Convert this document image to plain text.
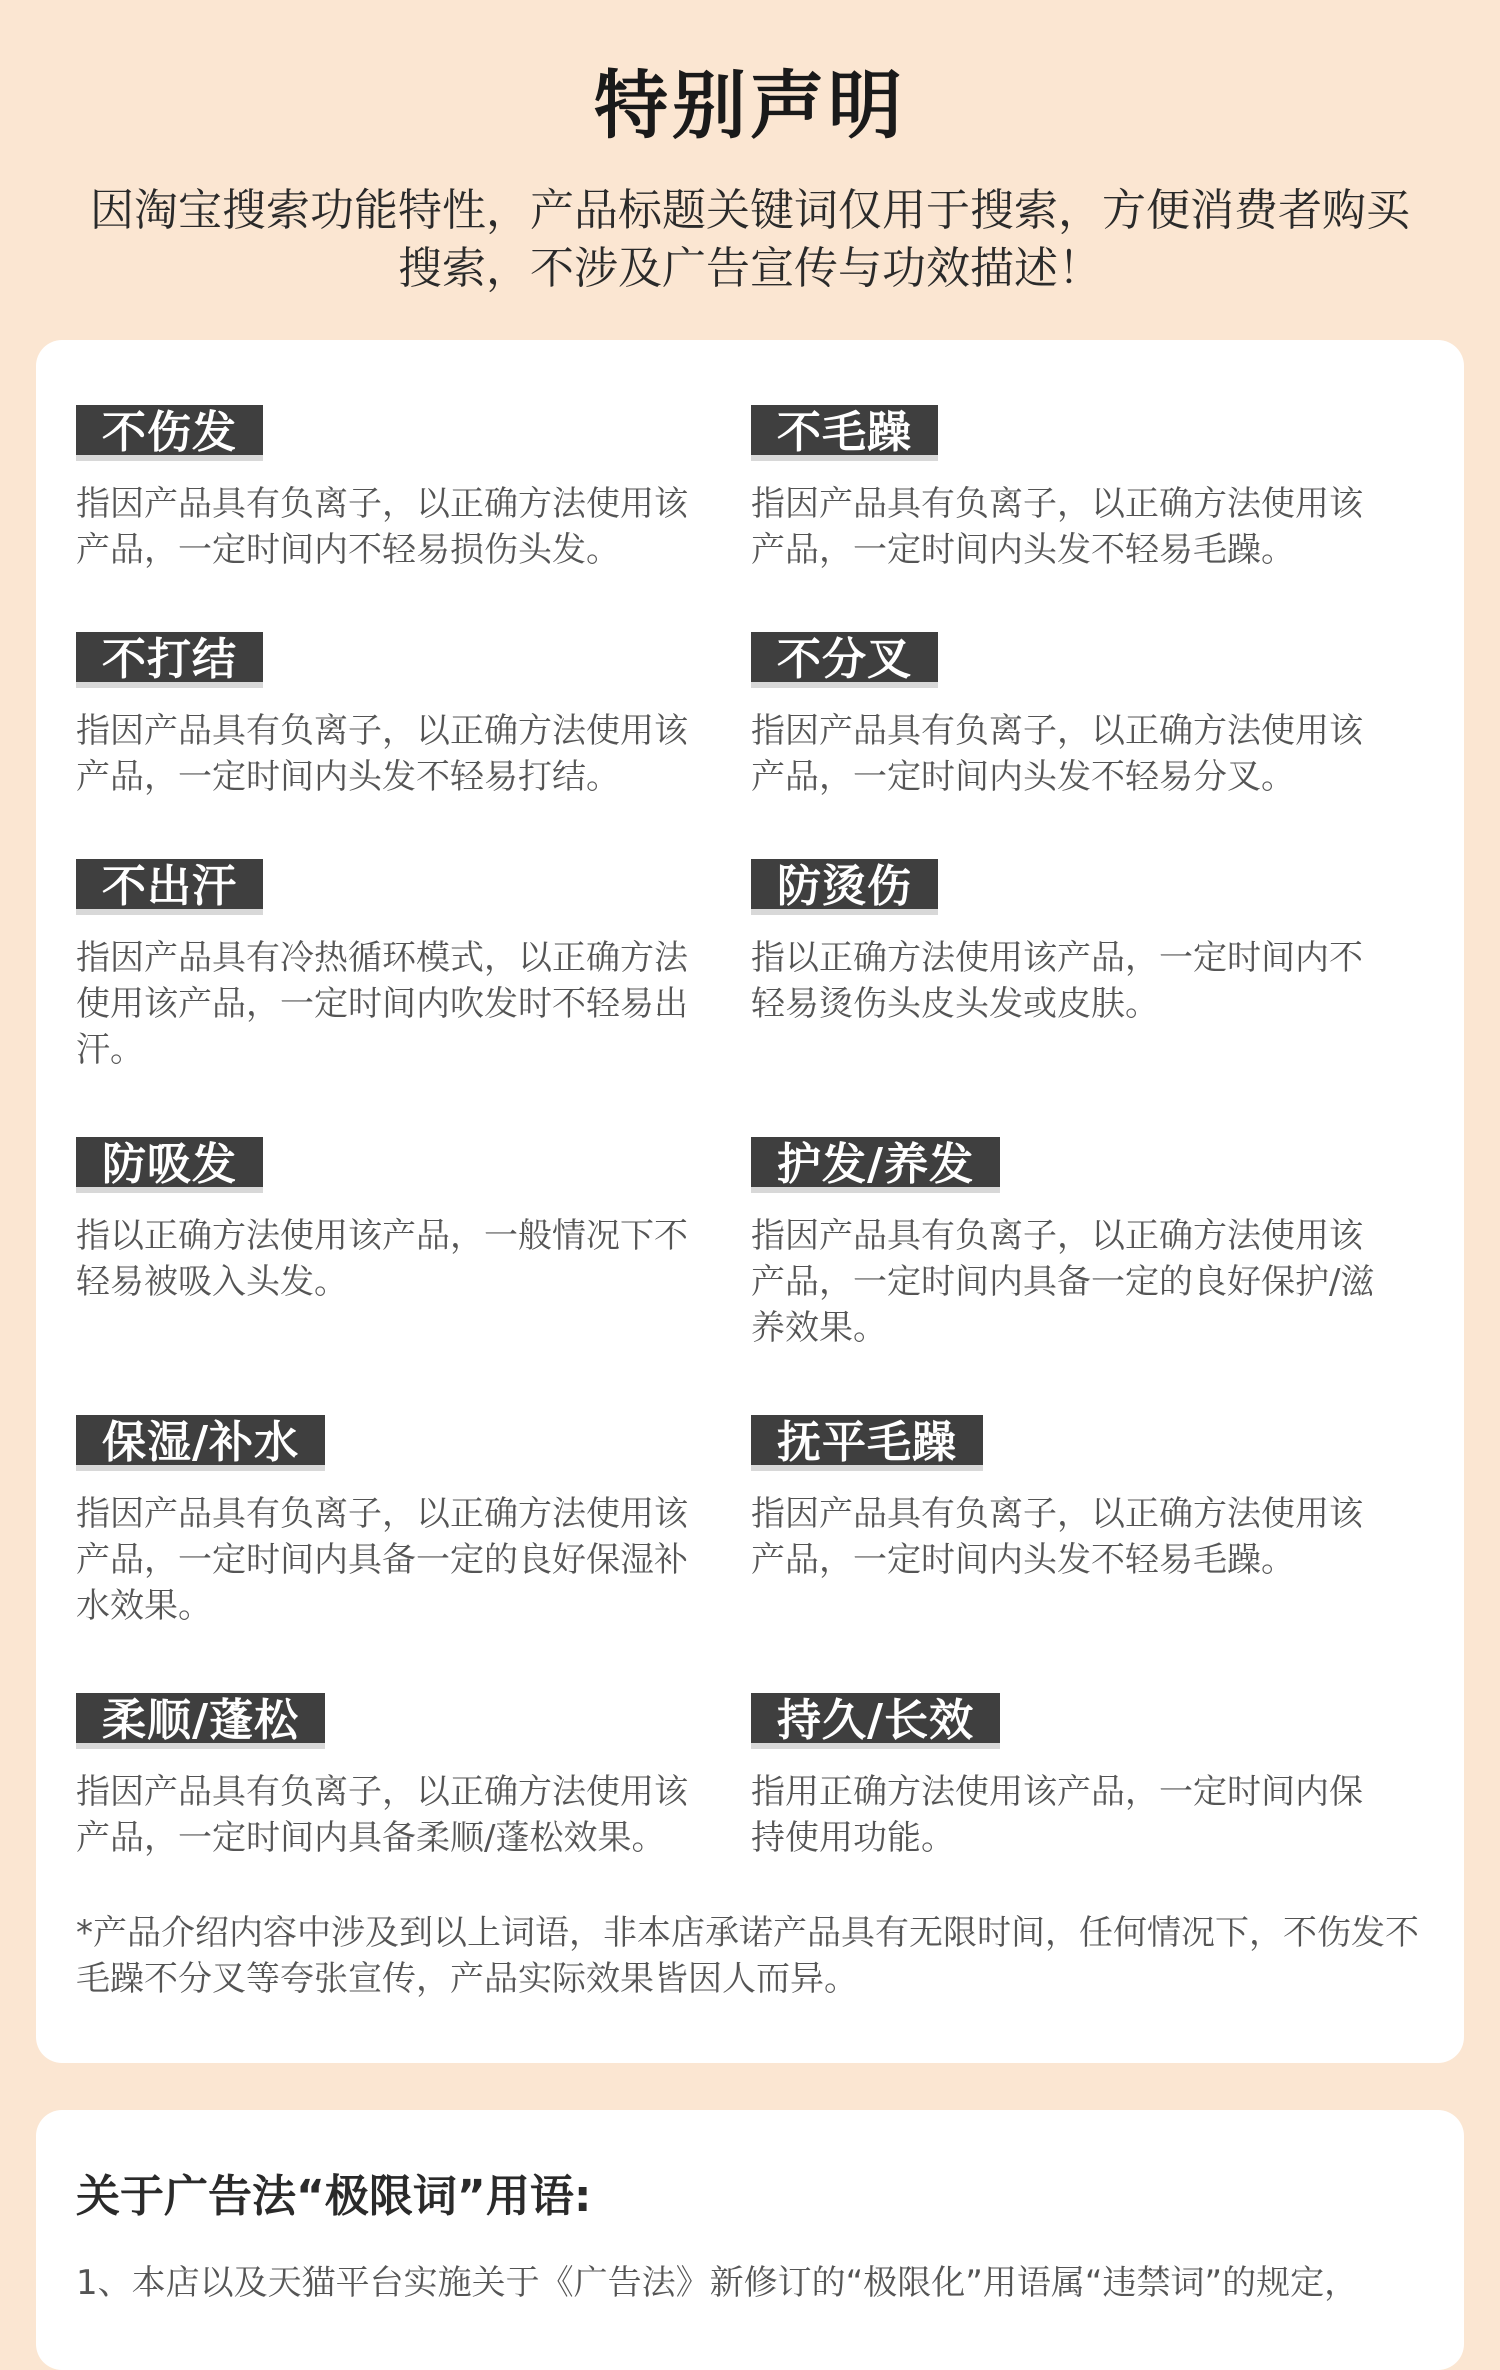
特别声明
因淘宝搜索功能特性，产品标题关键词仅用于搜索，方便消费者购买搜索，不涉及广告宣传与功效描述！
不伤发
指因产品具有负离子，以正确方法使用该产品，一定时间内不轻易损伤头发。
不毛躁
指因产品具有负离子，以正确方法使用该产品，一定时间内头发不轻易毛躁。
不打结
指因产品具有负离子，以正确方法使用该产品，一定时间内头发不轻易打结。
不分叉
指因产品具有负离子，以正确方法使用该产品，一定时间内头发不轻易分叉。
不出汗
指因产品具有冷热循环模式，以正确方法使用该产品，一定时间内吹发时不轻易出汗。
防烫伤
指以正确方法使用该产品，一定时间内不轻易烫伤头皮头发或皮肤。
防吸发
指以正确方法使用该产品，一般情况下不轻易被吸入头发。
护发/养发
指因产品具有负离子，以正确方法使用该产品，一定时间内具备一定的良好保护/滋养效果。
保湿/补水
指因产品具有负离子，以正确方法使用该产品，一定时间内具备一定的良好保湿补水效果。
抚平毛躁
指因产品具有负离子，以正确方法使用该产品，一定时间内头发不轻易毛躁。
柔顺/蓬松
指因产品具有负离子，以正确方法使用该产品，一定时间内具备柔顺/蓬松效果。
持久/长效
指用正确方法使用该产品，一定时间内保持使用功能。
*产品介绍内容中涉及到以上词语，非本店承诺产品具有无限时间，任何情况下，不伤发不毛躁不分叉等夸张宣传，产品实际效果皆因人而异。
关于广告法“极限词”用语:
1、本店以及天猫平台实施关于《广告法》新修订的“极限化”用语属“违禁词”的规定，
